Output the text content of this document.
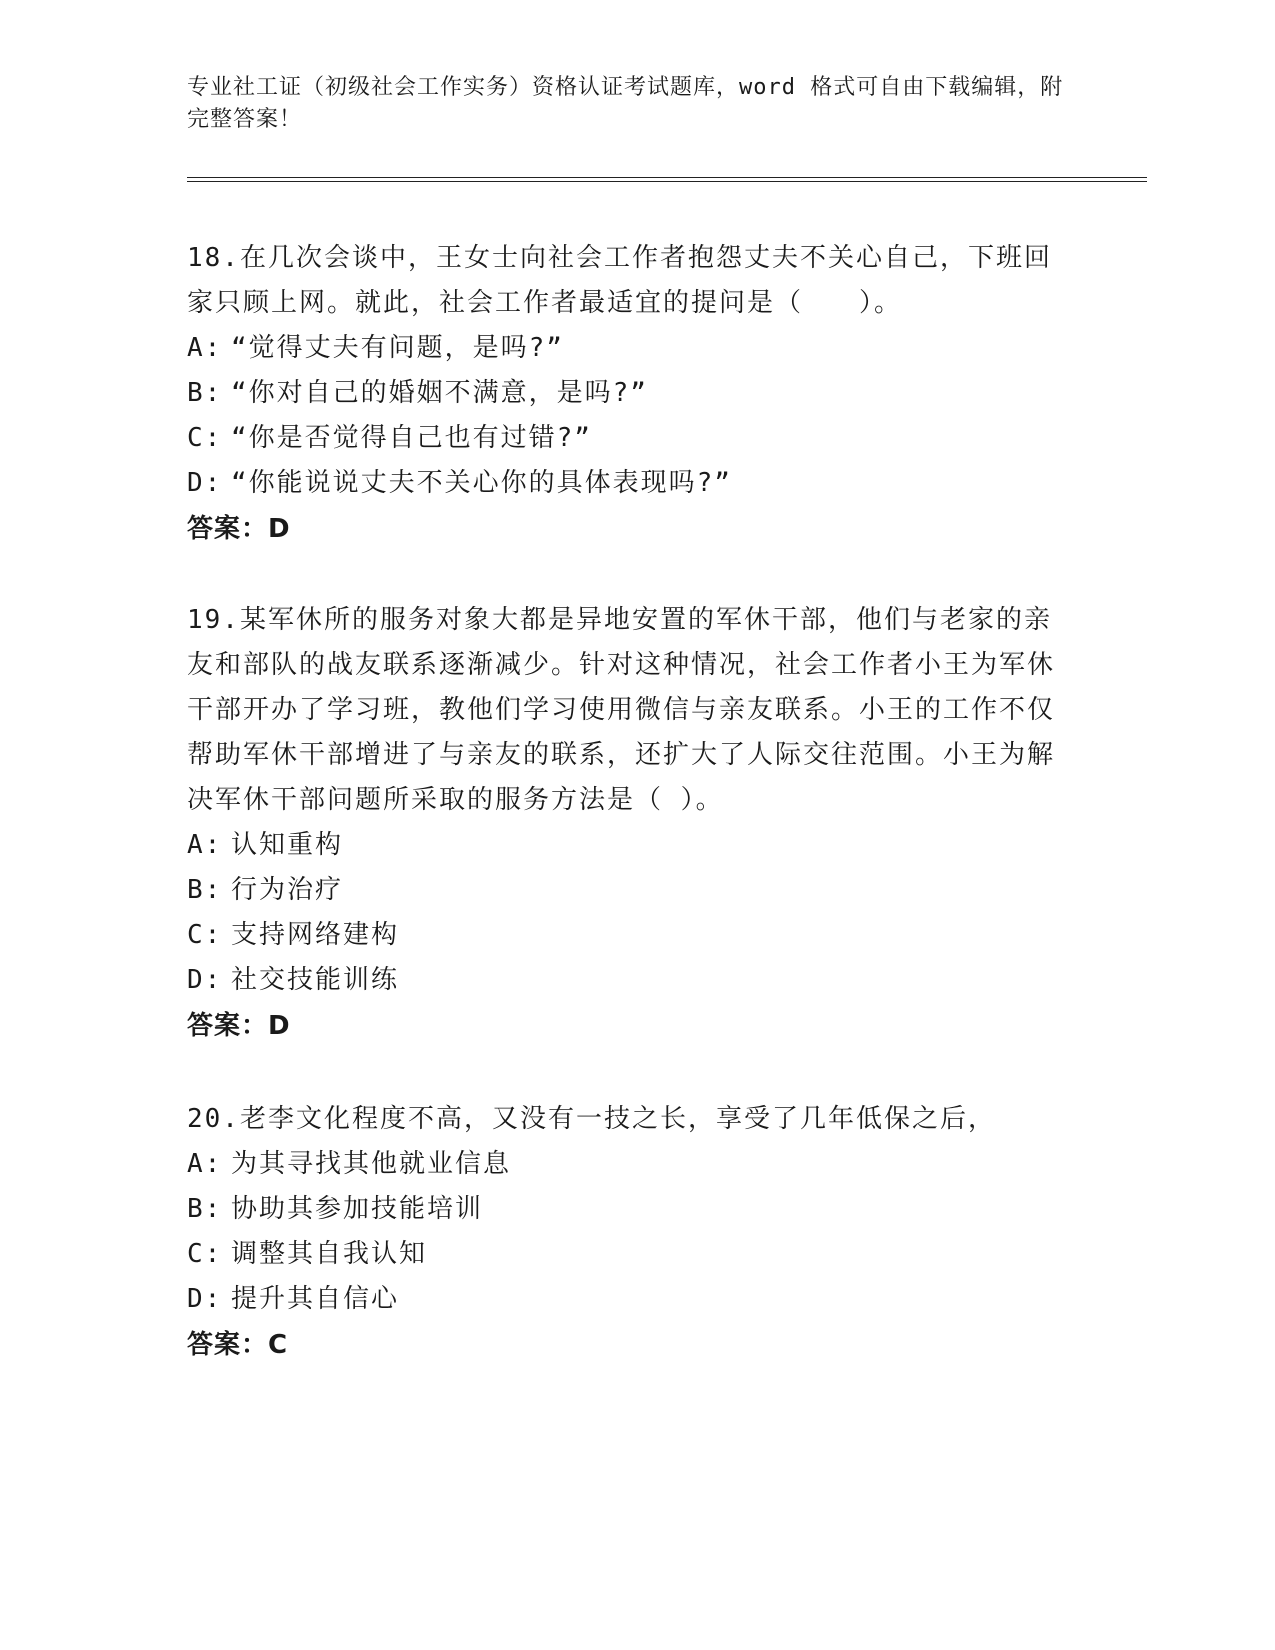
专业社工证（初级社会工作实务）资格认证考试题库，word 格式可自由下载编辑，附完整答案！
18.在几次会谈中，王女士向社会工作者抱怨丈夫不关心自己，下班回家只顾上网。就此，社会工作者最适宜的提问是（　　）。
A: “觉得丈夫有问题，是吗?”
B: “你对自己的婚姻不满意，是吗?”
C: “你是否觉得自己也有过错?”
D: “你能说说丈夫不关心你的具体表现吗?”
答案：D
19.某军休所的服务对象大都是异地安置的军休干部，他们与老家的亲友和部队的战友联系逐渐减少。针对这种情况，社会工作者小王为军休干部开办了学习班，教他们学习使用微信与亲友联系。小王的工作不仅帮助军休干部增进了与亲友的联系，还扩大了人际交往范围。小王为解决军休干部问题所采取的服务方法是（ ）。
A: 认知重构
B: 行为治疗
C: 支持网络建构
D: 社交技能训练
答案：D
20.老李文化程度不高，又没有一技之长，享受了几年低保之后，
A: 为其寻找其他就业信息
B: 协助其参加技能培训
C: 调整其自我认知
D: 提升其自信心
答案：C
